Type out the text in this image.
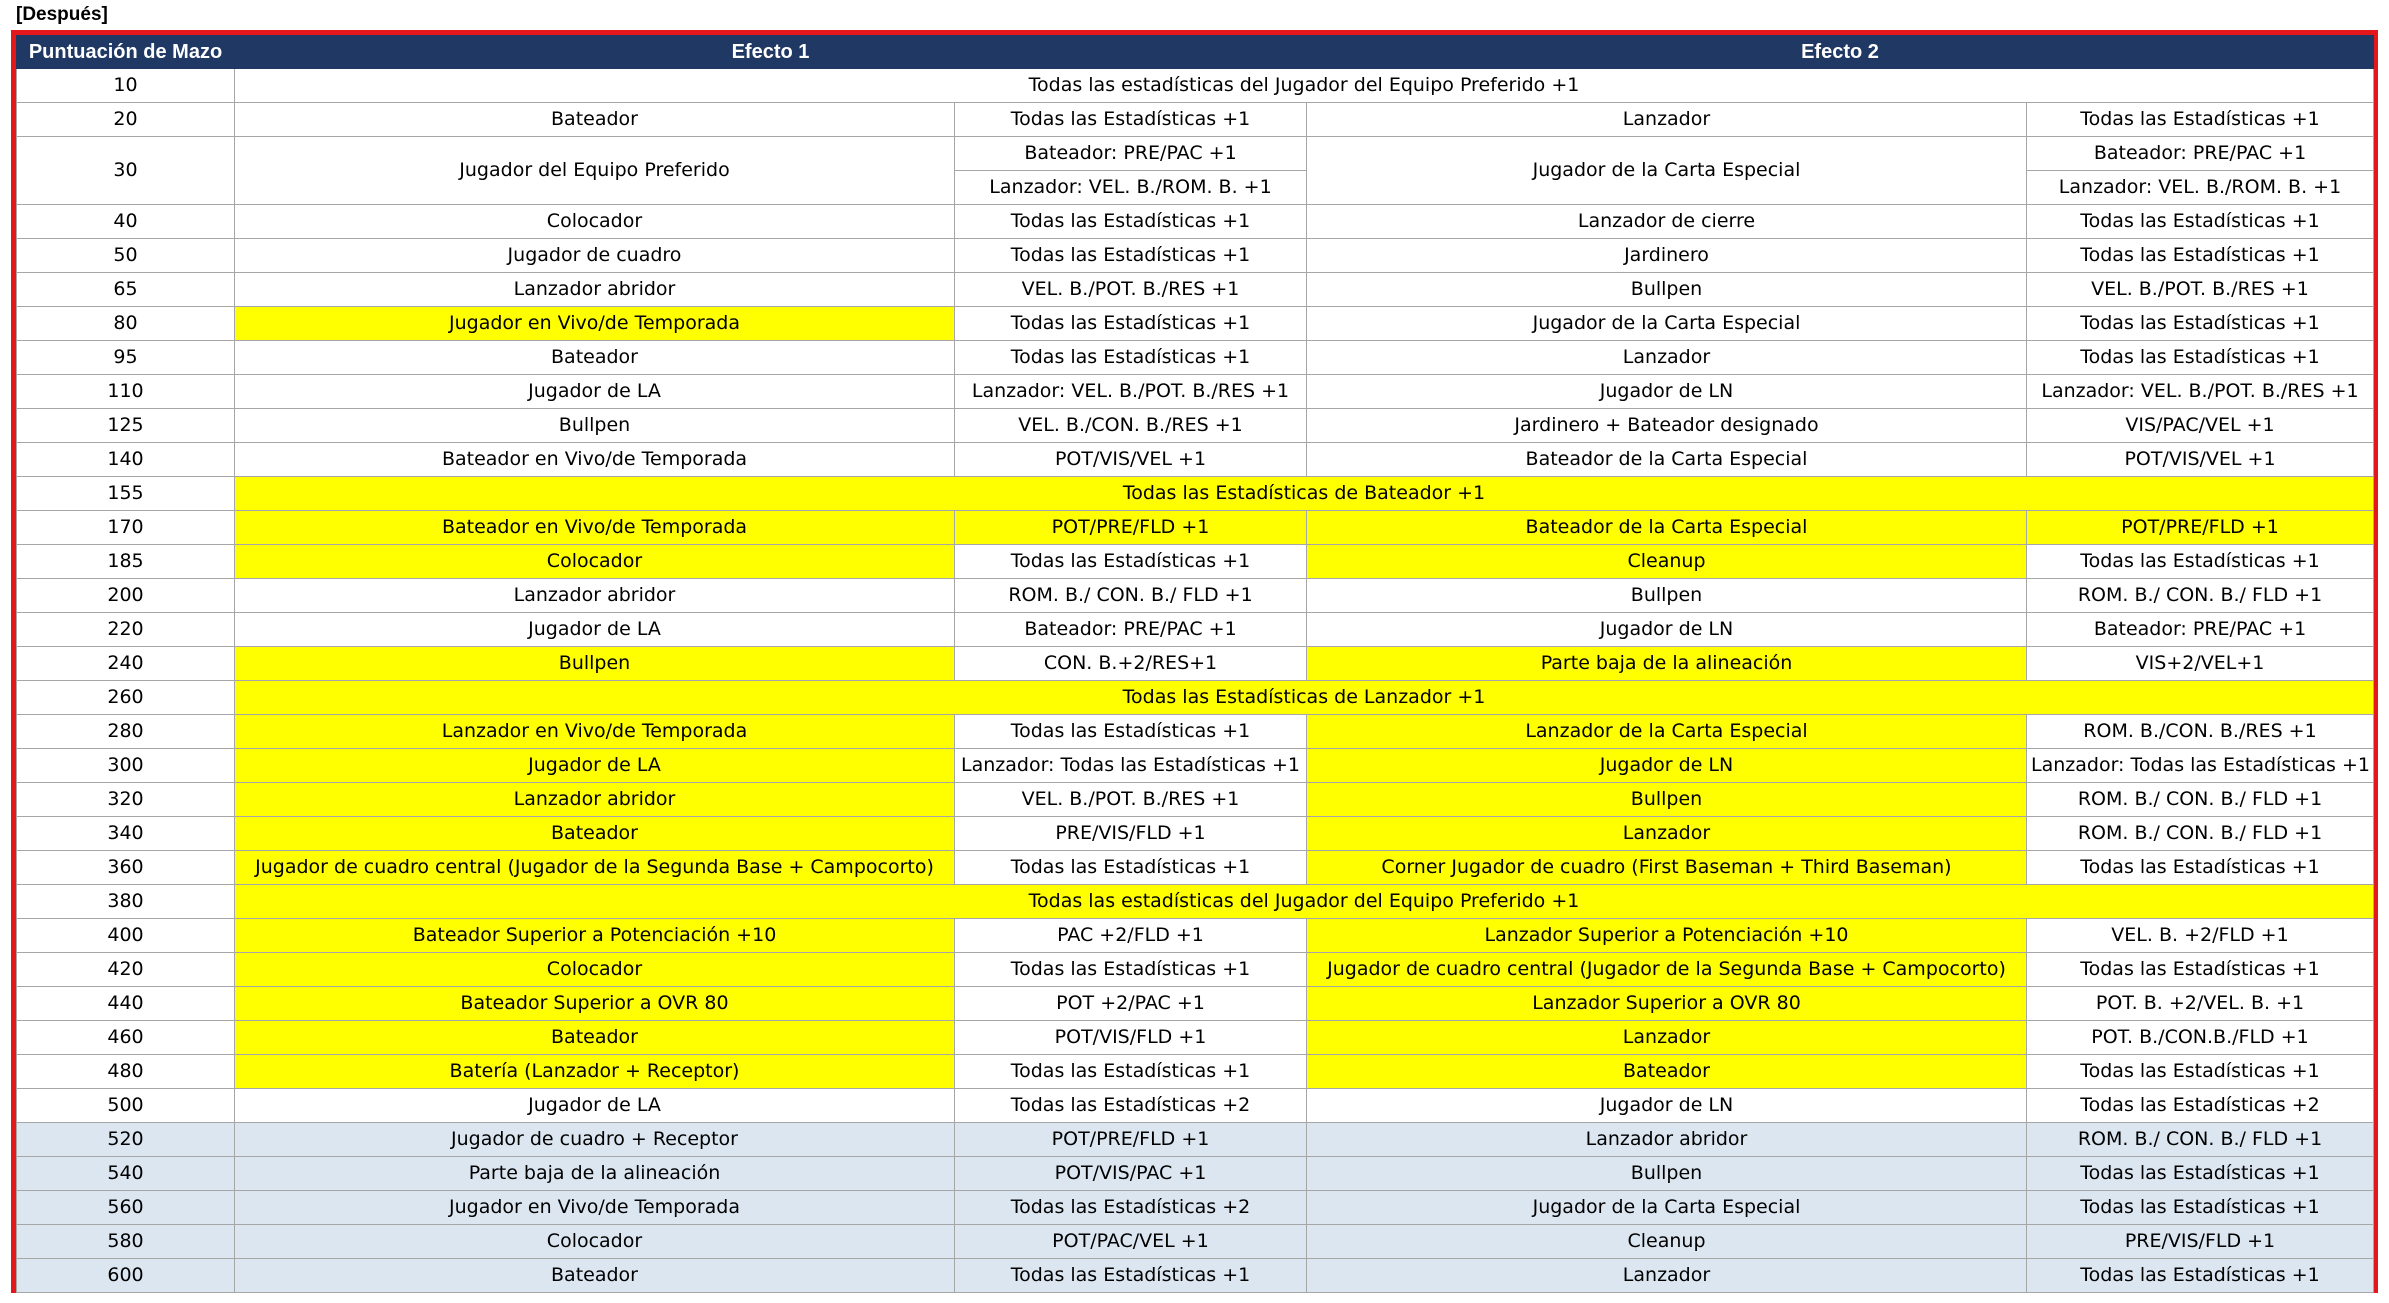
[Después]
Puntuación de Mazo	Efecto 1		Efecto 2	
10	Todas las estadísticas del Jugador del Equipo Preferido +1			
20	Bateador	Todas las Estadísticas +1	Lanzador	Todas las Estadísticas +1
30	Jugador del Equipo Preferido	Bateador: PRE/PAC +1	Jugador de la Carta Especial	Bateador: PRE/PAC +1
		Lanzador: VEL. B./ROM. B. +1		Lanzador: VEL. B./ROM. B. +1
40	Colocador	Todas las Estadísticas +1	Lanzador de cierre	Todas las Estadísticas +1
50	Jugador de cuadro	Todas las Estadísticas +1	Jardinero	Todas las Estadísticas +1
65	Lanzador abridor	VEL. B./POT. B./RES +1	Bullpen	VEL. B./POT. B./RES +1
80	Jugador en Vivo/de Temporada	Todas las Estadísticas +1	Jugador de la Carta Especial	Todas las Estadísticas +1
95	Bateador	Todas las Estadísticas +1	Lanzador	Todas las Estadísticas +1
110	Jugador de LA	Lanzador: VEL. B./POT. B./RES +1	Jugador de LN	Lanzador: VEL. B./POT. B./RES +1
125	Bullpen	VEL. B./CON. B./RES +1	Jardinero + Bateador designado	VIS/PAC/VEL +1
140	Bateador en Vivo/de Temporada	POT/VIS/VEL +1	Bateador de la Carta Especial	POT/VIS/VEL +1
155	Todas las Estadísticas de Bateador +1			
170	Bateador en Vivo/de Temporada	POT/PRE/FLD +1	Bateador de la Carta Especial	POT/PRE/FLD +1
185	Colocador	Todas las Estadísticas +1	Cleanup	Todas las Estadísticas +1
200	Lanzador abridor	ROM. B./ CON. B./ FLD +1	Bullpen	ROM. B./ CON. B./ FLD +1
220	Jugador de LA	Bateador: PRE/PAC +1	Jugador de LN	Bateador: PRE/PAC +1
240	Bullpen	CON. B.+2/RES+1	Parte baja de la alineación	VIS+2/VEL+1
260	Todas las Estadísticas de Lanzador +1			
280	Lanzador en Vivo/de Temporada	Todas las Estadísticas +1	Lanzador de la Carta Especial	ROM. B./CON. B./RES +1
300	Jugador de LA	Lanzador: Todas las Estadísticas +1	Jugador de LN	Lanzador: Todas las Estadísticas +1
320	Lanzador abridor	VEL. B./POT. B./RES +1	Bullpen	ROM. B./ CON. B./ FLD +1
340	Bateador	PRE/VIS/FLD +1	Lanzador	ROM. B./ CON. B./ FLD +1
360	Jugador de cuadro central (Jugador de la Segunda Base + Campocorto)	Todas las Estadísticas +1	Corner Jugador de cuadro (First Baseman + Third Baseman)	Todas las Estadísticas +1
380	Todas las estadísticas del Jugador del Equipo Preferido +1			
400	Bateador Superior a Potenciación +10	PAC +2/FLD +1	Lanzador Superior a Potenciación +10	VEL. B. +2/FLD +1
420	Colocador	Todas las Estadísticas +1	Jugador de cuadro central (Jugador de la Segunda Base + Campocorto)	Todas las Estadísticas +1
440	Bateador Superior a OVR 80	POT +2/PAC +1	Lanzador Superior a OVR 80	POT. B. +2/VEL. B. +1
460	Bateador	POT/VIS/FLD +1	Lanzador	POT. B./CON.B./FLD +1
480	Batería (Lanzador + Receptor)	Todas las Estadísticas +1	Bateador	Todas las Estadísticas +1
500	Jugador de LA	Todas las Estadísticas +2	Jugador de LN	Todas las Estadísticas +2
520	Jugador de cuadro + Receptor	POT/PRE/FLD +1	Lanzador abridor	ROM. B./ CON. B./ FLD +1
540	Parte baja de la alineación	POT/VIS/PAC +1	Bullpen	Todas las Estadísticas +1
560	Jugador en Vivo/de Temporada	Todas las Estadísticas +2	Jugador de la Carta Especial	Todas las Estadísticas +1
580	Colocador	POT/PAC/VEL +1	Cleanup	PRE/VIS/FLD +1
600	Bateador	Todas las Estadísticas +1	Lanzador	Todas las Estadísticas +1
